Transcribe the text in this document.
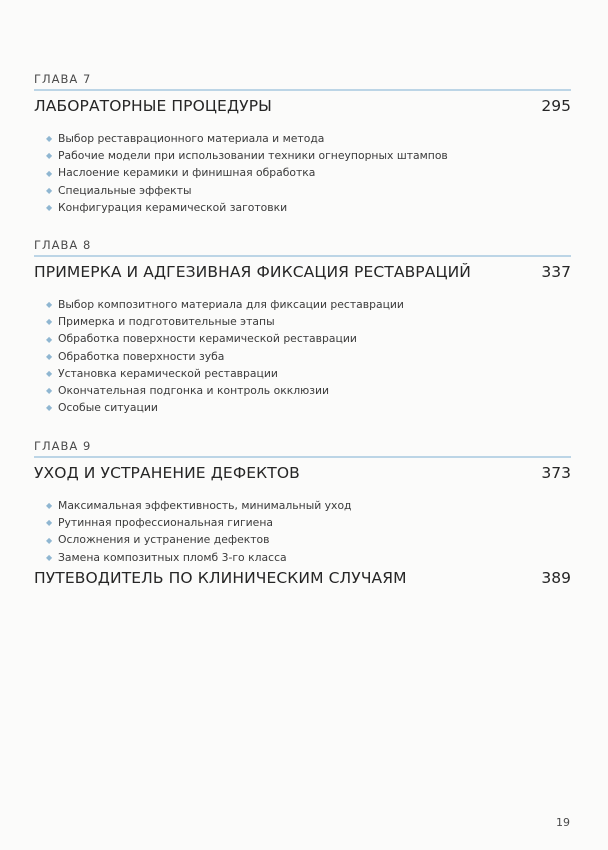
ГЛАВА 7
ЛАБОРАТОРНЫЕ ПРОЦЕДУРЫ	295
◆ Выбор реставрационного материала и метода
◆ Рабочие модели при использовании техники огнеупорных штампов
◆ Наслоение керамики и финишная обработка
◆ Специальные эффекты
◆ Конфигурация керамической заготовки
ГЛАВА 8
ПРИМЕРКА И АДГЕЗИВНАЯ ФИКСАЦИЯ РЕСТАВРАЦИЙ	337
◆ Выбор композитного материала для фиксации реставрации
◆ Примерка и подготовительные этапы
◆ Обработка поверхности керамической реставрации
◆ Обработка поверхности зуба
◆ Установка керамической реставрации
◆ Окончательная подгонка и контроль окклюзии
◆ Особые ситуации
ГЛАВА 9
УХОД И УСТРАНЕНИЕ ДЕФЕКТОВ	373
◆ Максимальная эффективность, минимальный уход
◆ Рутинная профессиональная гигиена
◆ Осложнения и устранение дефектов
◆ Замена композитных пломб 3-го класса
ПУТЕВОДИТЕЛЬ ПО КЛИНИЧЕСКИМ СЛУЧАЯМ	389
19
